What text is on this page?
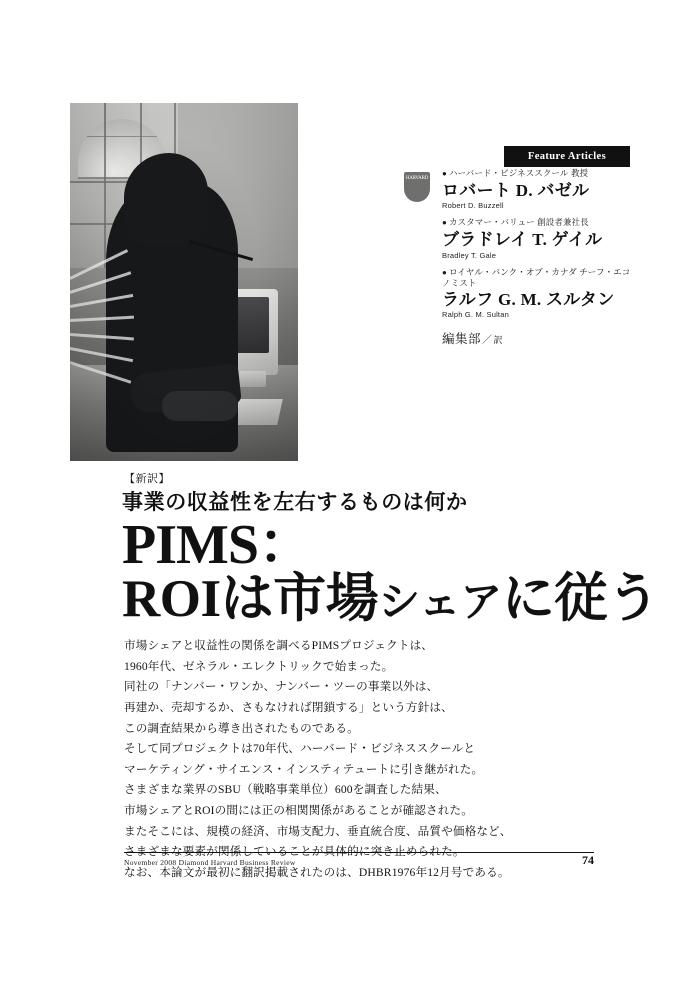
Feature Articles
HARVARD
● ハーバード・ビジネススクール 教授
ロバート D. バゼル
Robert D. Buzzell
● カスタマー・バリュー 創設者兼社長
ブラドレイ T. ゲイル
Bradley T. Gale
● ロイヤル・バンク・オブ・カナダ チーフ・エコノミスト
ラルフ G. M. スルタン
Ralph G. M. Sultan
編集部／訳
【新訳】
事業の収益性を左右するものは何か
PIMS：
ROIは市場シェアに従う
市場シェアと収益性の関係を調べるPIMSプロジェクトは、
1960年代、ゼネラル・エレクトリックで始まった。
同社の「ナンバー・ワンか、ナンバー・ツーの事業以外は、
再建か、売却するか、さもなければ閉鎖する」という方針は、
この調査結果から導き出されたものである。
そして同プロジェクトは70年代、ハーバード・ビジネススクールと
マーケティング・サイエンス・インスティテュートに引き継がれた。
さまざまな業界のSBU（戦略事業単位）600を調査した結果、
市場シェアとROIの間には正の相関関係があることが確認された。
またそこには、規模の経済、市場支配力、垂直統合度、品質や価格など、
さまざまな要素が関係していることが具体的に突き止められた。
なお、本論文が最初に翻訳掲載されたのは、DHBR1976年12月号である。
November 2008 Diamond Harvard Business Review	74
